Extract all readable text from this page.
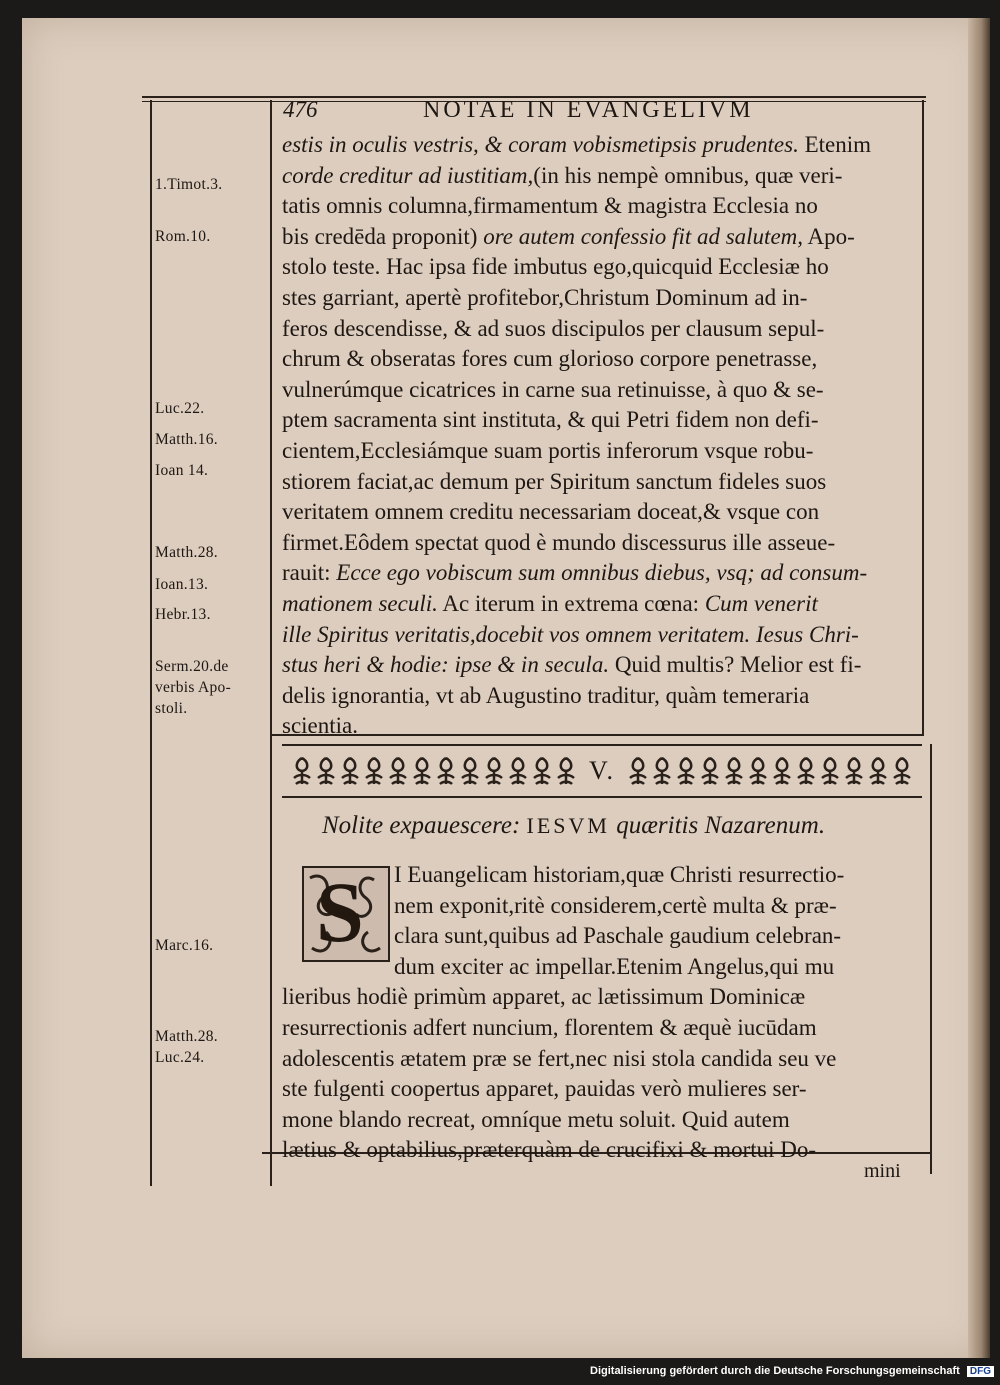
476	NOTAE IN EVANGELIVM
1.Timot.3.
Rom.10.
Luc.22.
Matth.16.
Ioan 14.
Matth.28.
Ioan.13.
Hebr.13.
Serm.20.de
verbis Apo-
stoli.
Marc.16.
Matth.28.
Luc.24.
estis in oculis vestris, & coram vobismetipsis prudentes. Etenim
corde creditur ad iustitiam,(in his nempè omnibus, quæ veri-
tatis omnis columna,firmamentum & magistra Ecclesia no
bis credēda proponit) ore autem confessio fit ad salutem, Apo-
stolo teste. Hac ipsa fide imbutus ego,quicquid Ecclesiæ ho
stes garriant, apertè profitebor,Christum Dominum ad in-
feros descendisse, & ad suos discipulos per clausum sepul-
chrum & obseratas fores cum glorioso corpore penetrasse,
vulnerúmque cicatrices in carne sua retinuisse, à quo & se-
ptem sacramenta sint instituta, & qui Petri fidem non defi-
cientem,Ecclesiámque suam portis inferorum vsque robu-
stiorem faciat,ac demum per Spiritum sanctum fideles suos
veritatem omnem creditu necessariam doceat,& vsque con
firmet.Eôdem spectat quod è mundo discessurus ille asseue-
rauit: Ecce ego vobiscum sum omnibus diebus, vsq; ad consum-
mationem seculi. Ac iterum in extrema cœna: Cum venerit
ille Spiritus veritatis,docebit vos omnem veritatem. Iesus Chri-
stus heri & hodie: ipse & in secula. Quid multis? Melior est fi-
delis ignorantia, vt ab Augustino traditur, quàm temeraria
scientia.
V.
Nolite expauescere: IESVM quæritis Nazarenum.
S	I Euangelicam historiam,quæ Christi resurrectio-
nem exponit,ritè considerem,certè multa & præ-
clara sunt,quibus ad Paschale gaudium celebran-
dum exciter ac impellar.Etenim Angelus,qui mu
lieribus hodiè primùm apparet, ac lætissimum Dominicæ
resurrectionis adfert nuncium, florentem & æquè iucūdam
adolescentis ætatem præ se fert,nec nisi stola candida seu ve
ste fulgenti coopertus apparet, pauidas verò mulieres ser-
mone blando recreat, omníque metu soluit. Quid autem
lætius & optabilius,præterquàm de crucifixi & mortui Do-
mini
Digitalisierung gefördert durch die Deutsche Forschungsgemeinschaft DFG
